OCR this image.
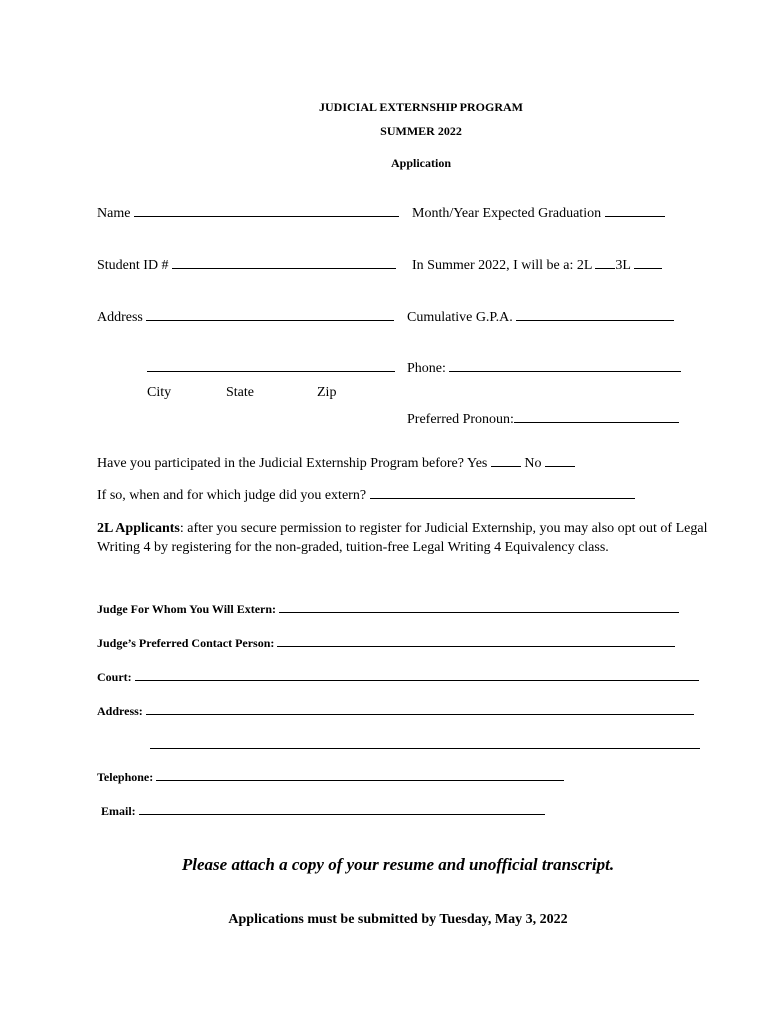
JUDICIAL EXTERNSHIP PROGRAM
SUMMER 2022
Application
Name	Month/Year Expected Graduation
Student ID #	In Summer 2022, I will be a: 2L 3L
Address	Cumulative G.P.A.
Phone:
City	State	Zip
Preferred Pronoun:
Have you participated in the Judicial Externship Program before? Yes	No
If so, when and for which judge did you extern?
2L Applicants: after you secure permission to register for Judicial Externship, you may also opt out of Legal Writing 4 by registering for the non-graded, tuition-free Legal Writing 4 Equivalency class.
Judge For Whom You Will Extern:
Judge’s Preferred Contact Person:
Court:
Address:
Telephone:
Email:
Please attach a copy of your resume and unofficial transcript.
Applications must be submitted by Tuesday, May 3, 2022
